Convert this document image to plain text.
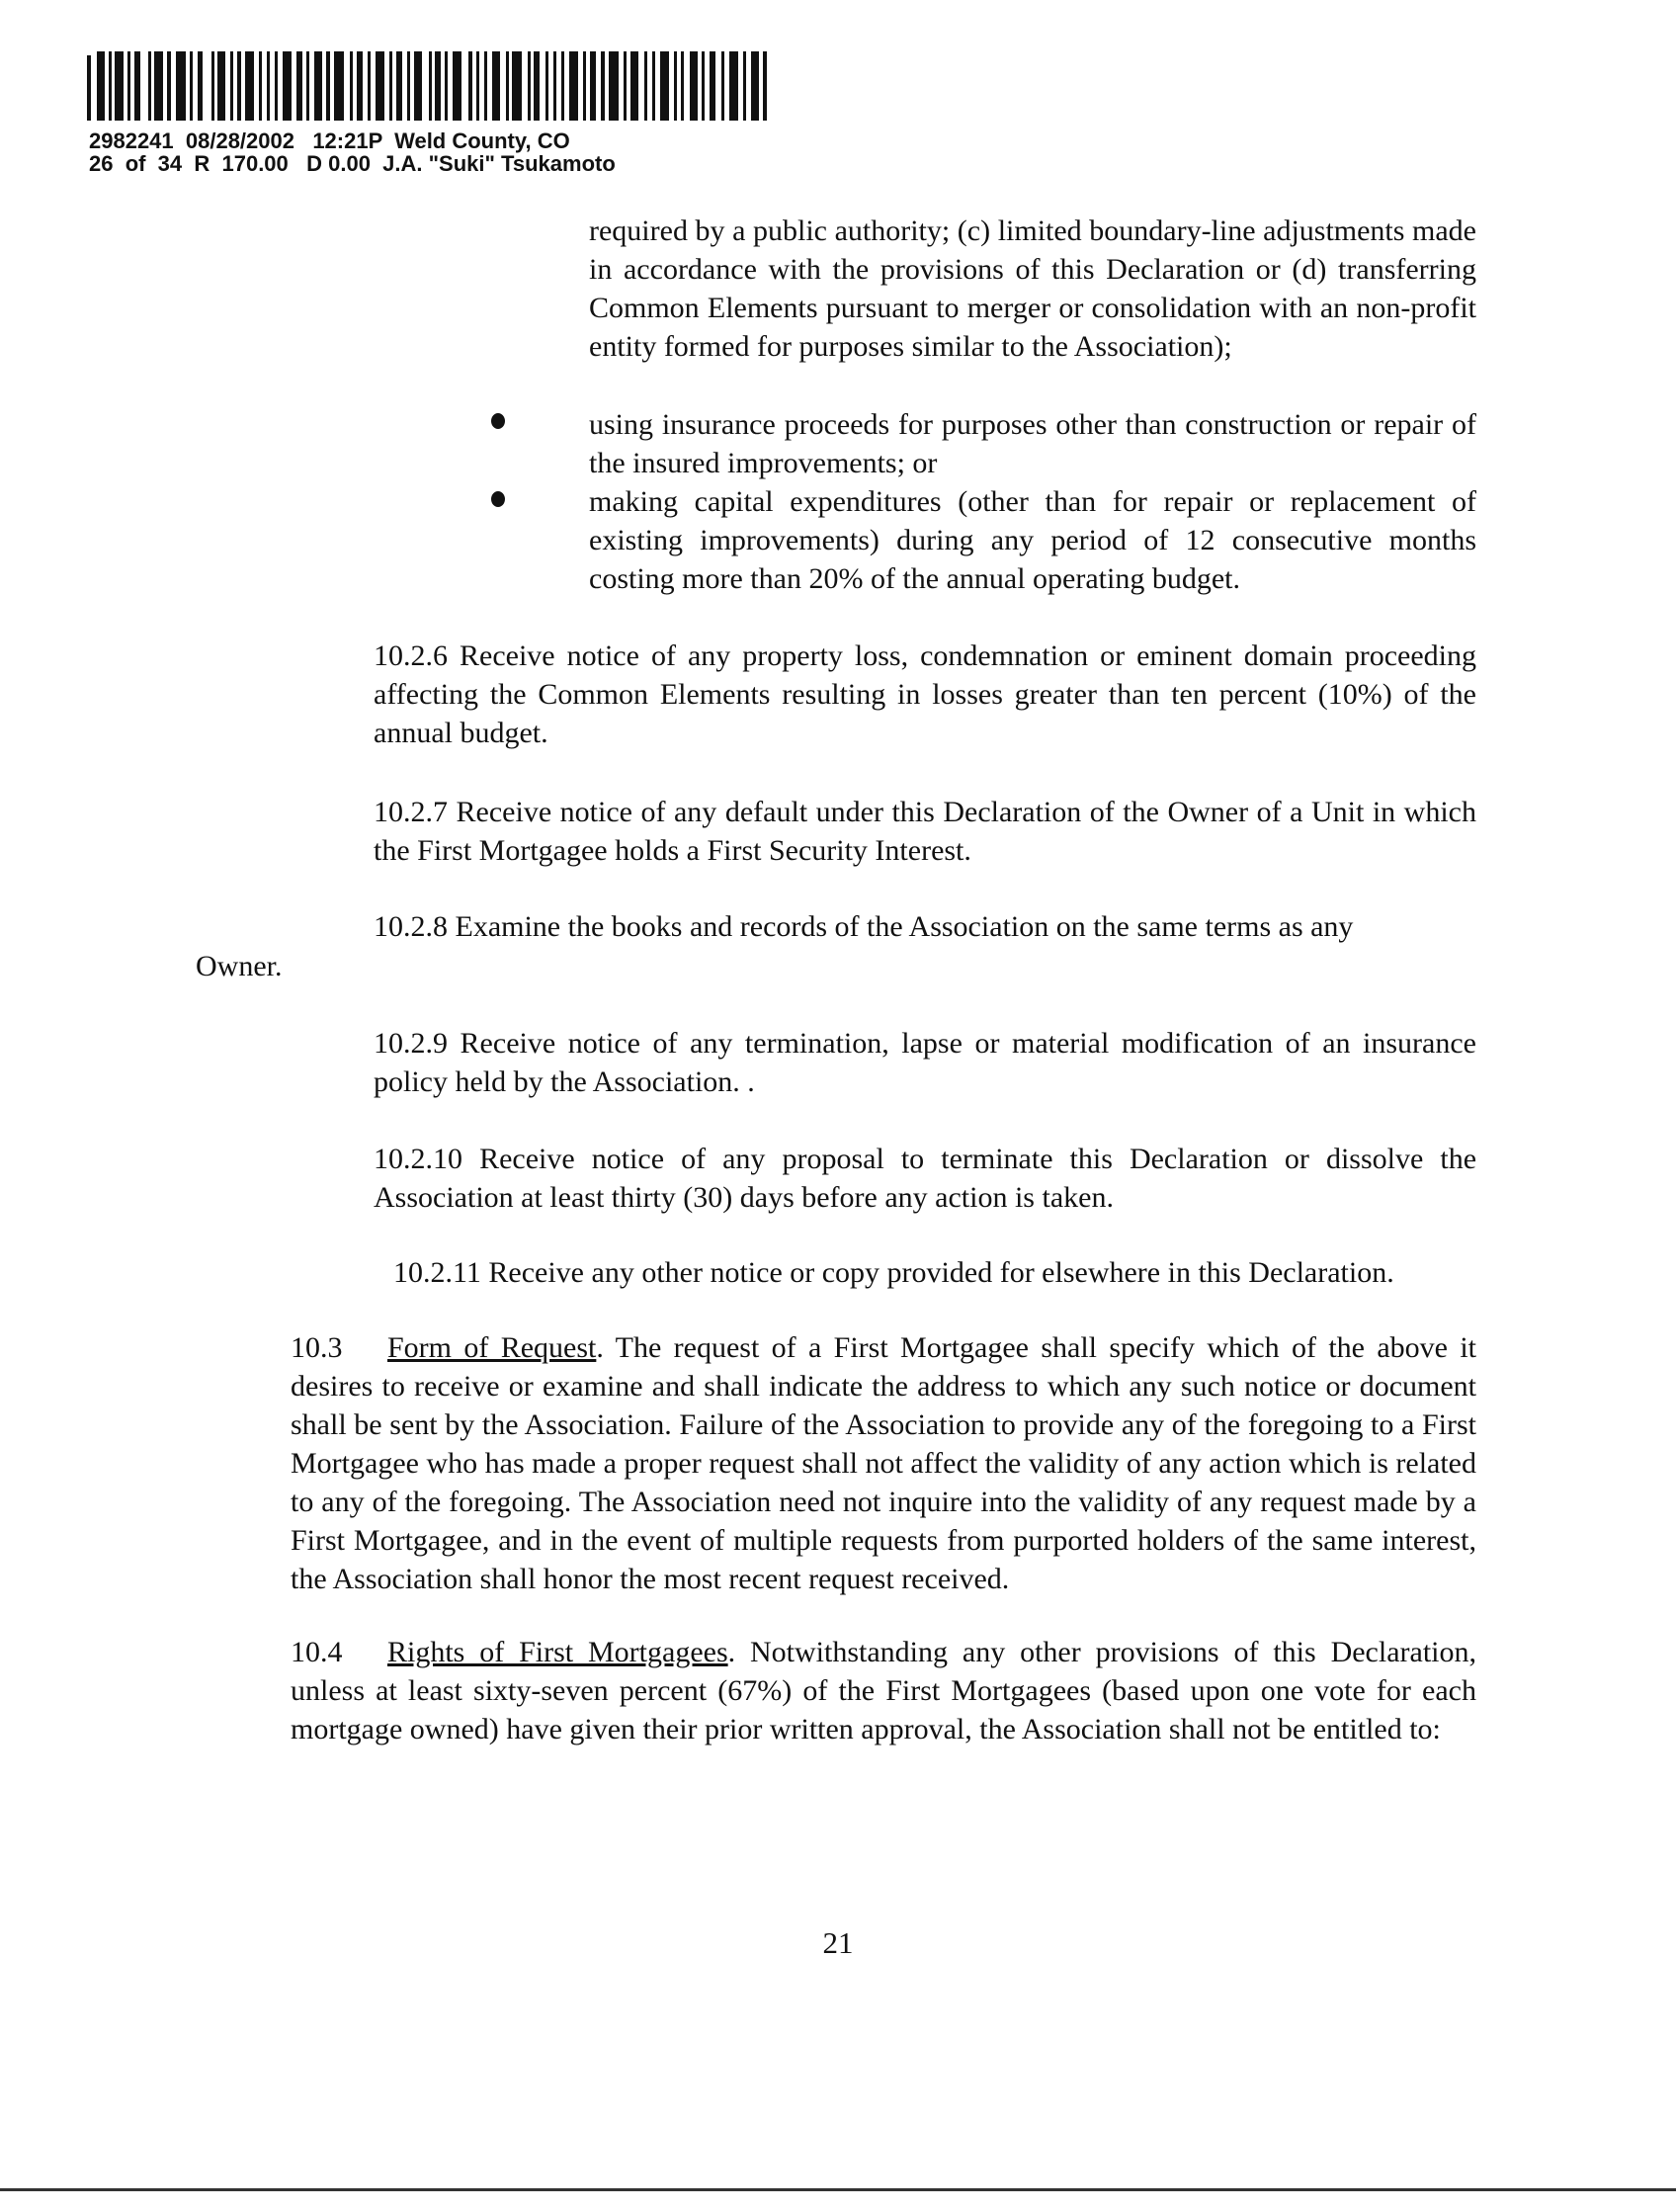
2982241  08/28/2002   12:21P  Weld County, CO
26  of  34  R  170.00   D 0.00  J.A. "Suki" Tsukamoto

required by a public authority; (c) limited boundary-line adjustments made in accordance with the provisions of this Declaration or (d) transferring Common Elements pursuant to merger or consolidation with an non-profit entity formed for purposes similar to the Association);

using insurance proceeds for purposes other than construction or repair of the insured improvements; or

making capital expenditures (other than for repair or replacement of existing improvements) during any period of 12 consecutive months costing more than 20% of the annual operating budget.

10.2.6 Receive notice of any property loss, condemnation or eminent domain proceeding affecting the Common Elements resulting in losses greater than ten percent (10%) of the annual budget.

10.2.7 Receive notice of any default under this Declaration of the Owner of a Unit in which the First Mortgagee holds a First Security Interest.

10.2.8 Examine the books and records of the Association on the same terms as any

Owner.

10.2.9 Receive notice of any termination, lapse or material modification of an insurance policy held by the Association. .

10.2.10 Receive notice of any proposal to terminate this Declaration or dissolve the Association at least thirty (30) days before any action is taken.

10.2.11 Receive any other notice or copy provided for elsewhere in this Declaration.

10.3 Form of Request. The request of a First Mortgagee shall specify which of the above it desires to receive or examine and shall indicate the address to which any such notice or document shall be sent by the Association. Failure of the Association to provide any of the foregoing to a First Mortgagee who has made a proper request shall not affect the validity of any action which is related to any of the foregoing. The Association need not inquire into the validity of any request made by a First Mortgagee, and in the event of multiple requests from purported holders of the same interest, the Association shall honor the most recent request received.

10.4 Rights of First Mortgagees. Notwithstanding any other provisions of this Declaration, unless at least sixty-seven percent (67%) of the First Mortgagees (based upon one vote for each mortgage owned) have given their prior written approval, the Association shall not be entitled to:

21
